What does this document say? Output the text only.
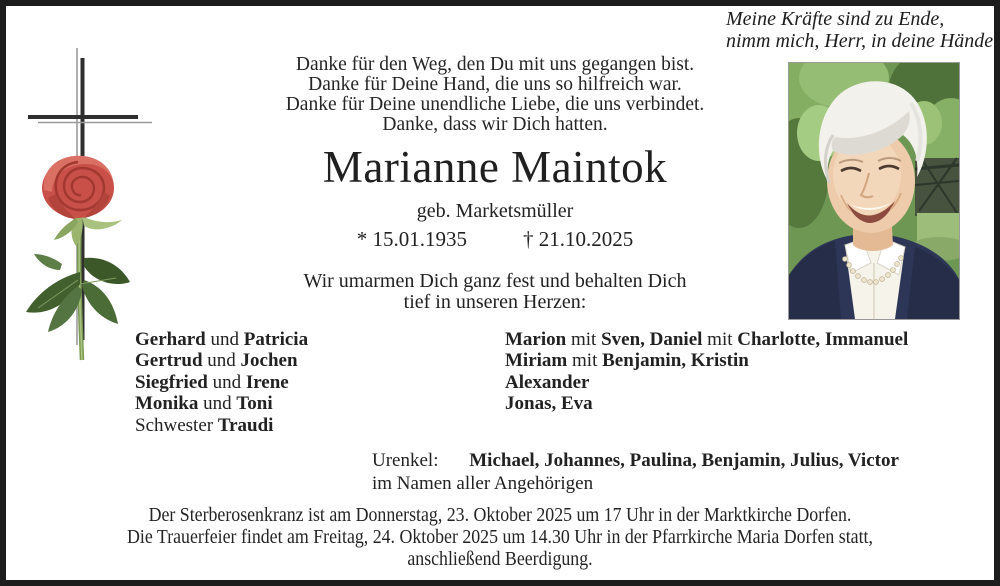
Meine Kräfte sind zu Ende,
nimm mich, Herr, in deine Hände.
Danke für den Weg, den Du mit uns gegangen bist.
Danke für Deine Hand, die uns so hilfreich war.
Danke für Deine unendliche Liebe, die uns verbindet.
Danke, dass wir Dich hatten.
Marianne Maintok
geb. Marketsmüller
* 15.01.1935	† 21.10.2025
Wir umarmen Dich ganz fest und behalten Dich
tief in unseren Herzen:
Gerhard und Patricia
Gertrud und Jochen
Siegfried und Irene
Monika und Toni
Schwester Traudi
Marion mit Sven, Daniel mit Charlotte, Immanuel
Miriam mit Benjamin, Kristin
Alexander
Jonas, Eva
Urenkel: Michael, Johannes, Paulina, Benjamin, Julius, Victor
im Namen aller Angehörigen
Der Sterberosenkranz ist am Donnerstag, 23. Oktober 2025 um 17 Uhr in der Marktkirche Dorfen.
Die Trauerfeier findet am Freitag, 24. Oktober 2025 um 14.30 Uhr in der Pfarrkirche Maria Dorfen statt,
anschließend Beerdigung.
